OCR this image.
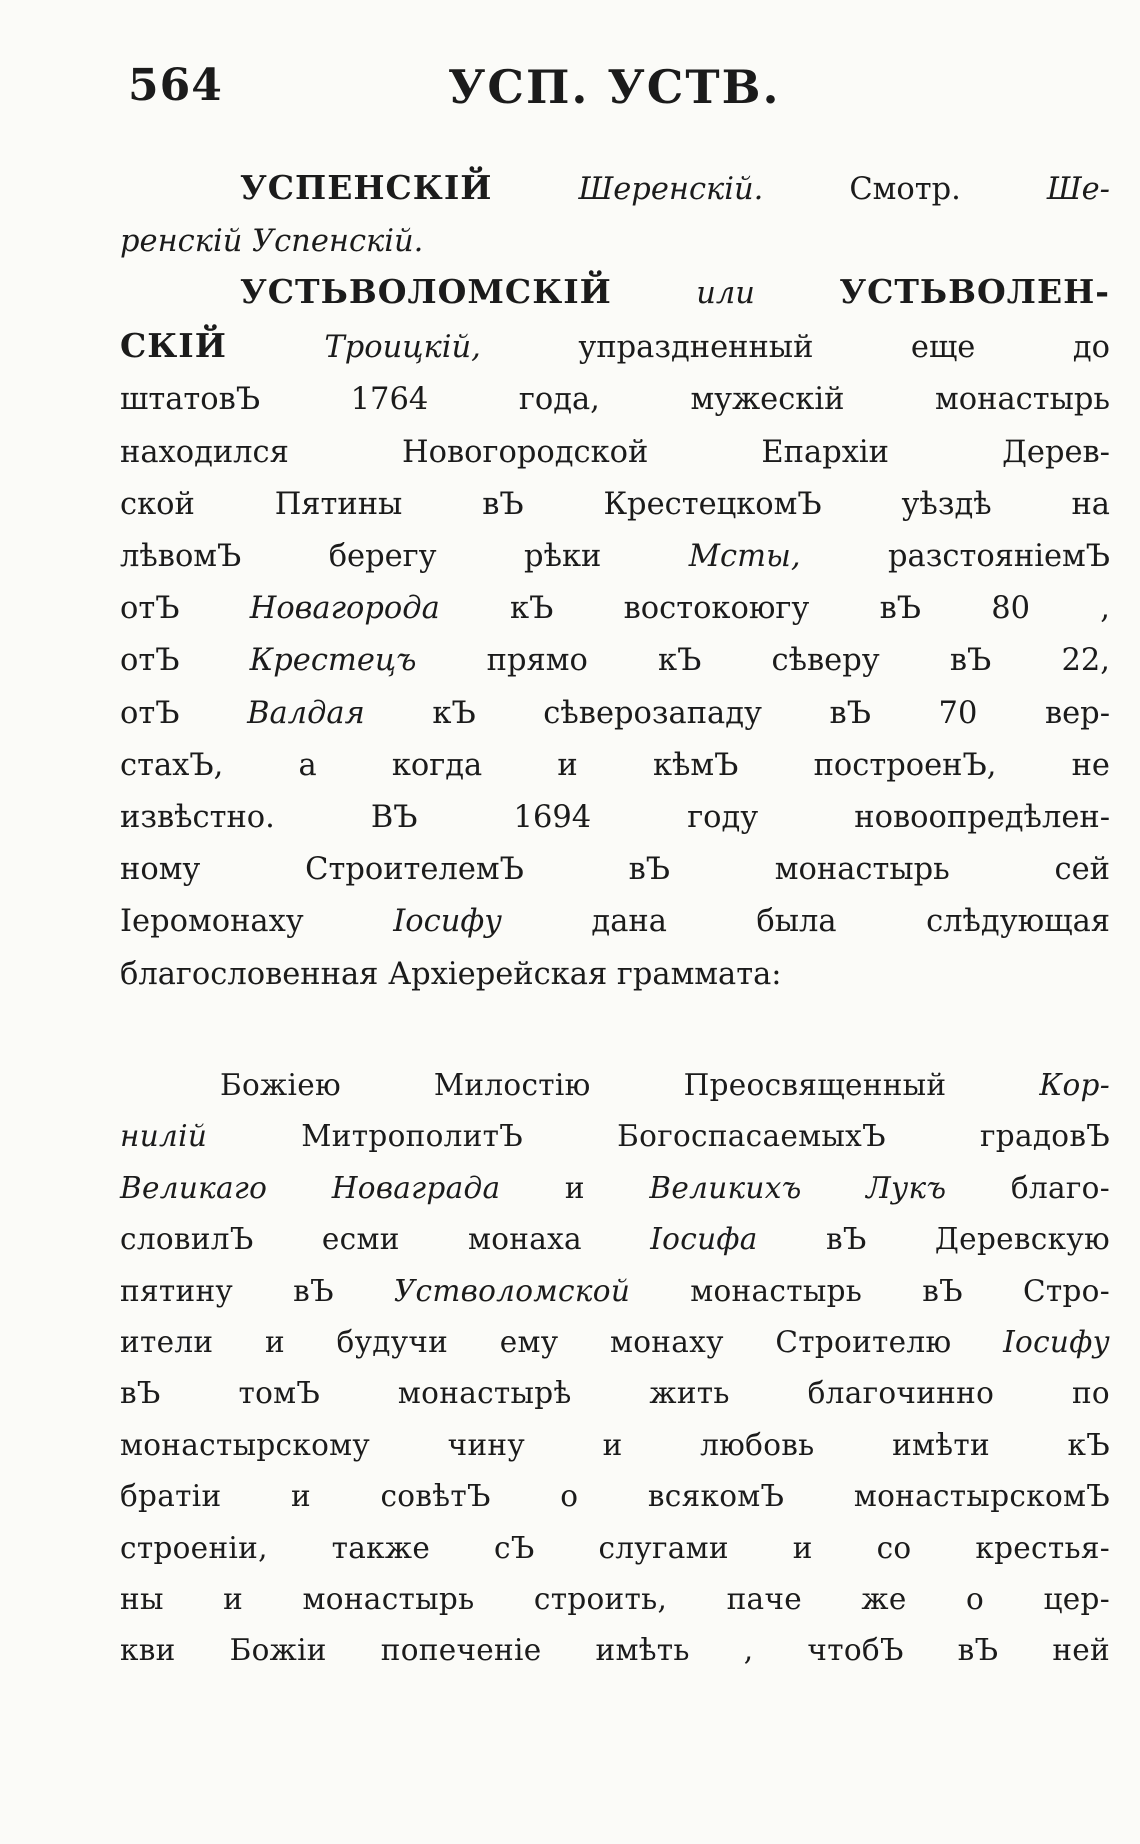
564	УСП. УСТВ.
УСПЕНСКІЙ	Шеренскій.	Смотр.	Ше-
ренскій Успенскій.
УСТЬВОЛОМСКІЙ или УСТЬВОЛЕН-
СКІЙ Троицкій, упраздненный еще до
штатовЪ 1764 года, мужескій монастырь
находился Новогородской Епархіи Дерев-
ской Пятины вЪ КрестецкомЪ уѣздѣ на
лѣвомЪ берегу рѣки Мсты, разстояніемЪ
отЪ Новагорода кЪ востокоюгу вЪ 80 ,
отЪ Крестецъ прямо кЪ сѣверу вЪ 22,
отЪ Валдая кЪ сѣверозападу вЪ 70 вер-
стахЪ, а когда и кѣмЪ построенЪ, не
извѣстно. ВЪ 1694 году новоопредѣлен-
ному СтроителемЪ вЪ монастырь сей
Іеромонаху Іосифу дана была слѣдующая
благословенная Архіерейская граммата:
Божіею Милостію Преосвященный Кор-
нилій МитрополитЪ БогоспасаемыхЪ градовЪ
Великаго Новаграда и Великихъ Лукъ благо-
словилЪ есми монаха Іосифа вЪ Деревскую
пятину вЪ Устволомской монастырь вЪ Стро-
ители и будучи ему монаху Строителю Іосифу
вЪ томЪ монастырѣ жить благочинно по
монастырскому чину и любовь имѣти кЪ
братіи и совѣтЪ о всякомЪ монастырскомЪ
строеніи, также сЪ слугами и со крестья-
ны и монастырь строить, паче же о цер-
кви Божіи попеченіе имѣть , чтобЪ вЪ ней
